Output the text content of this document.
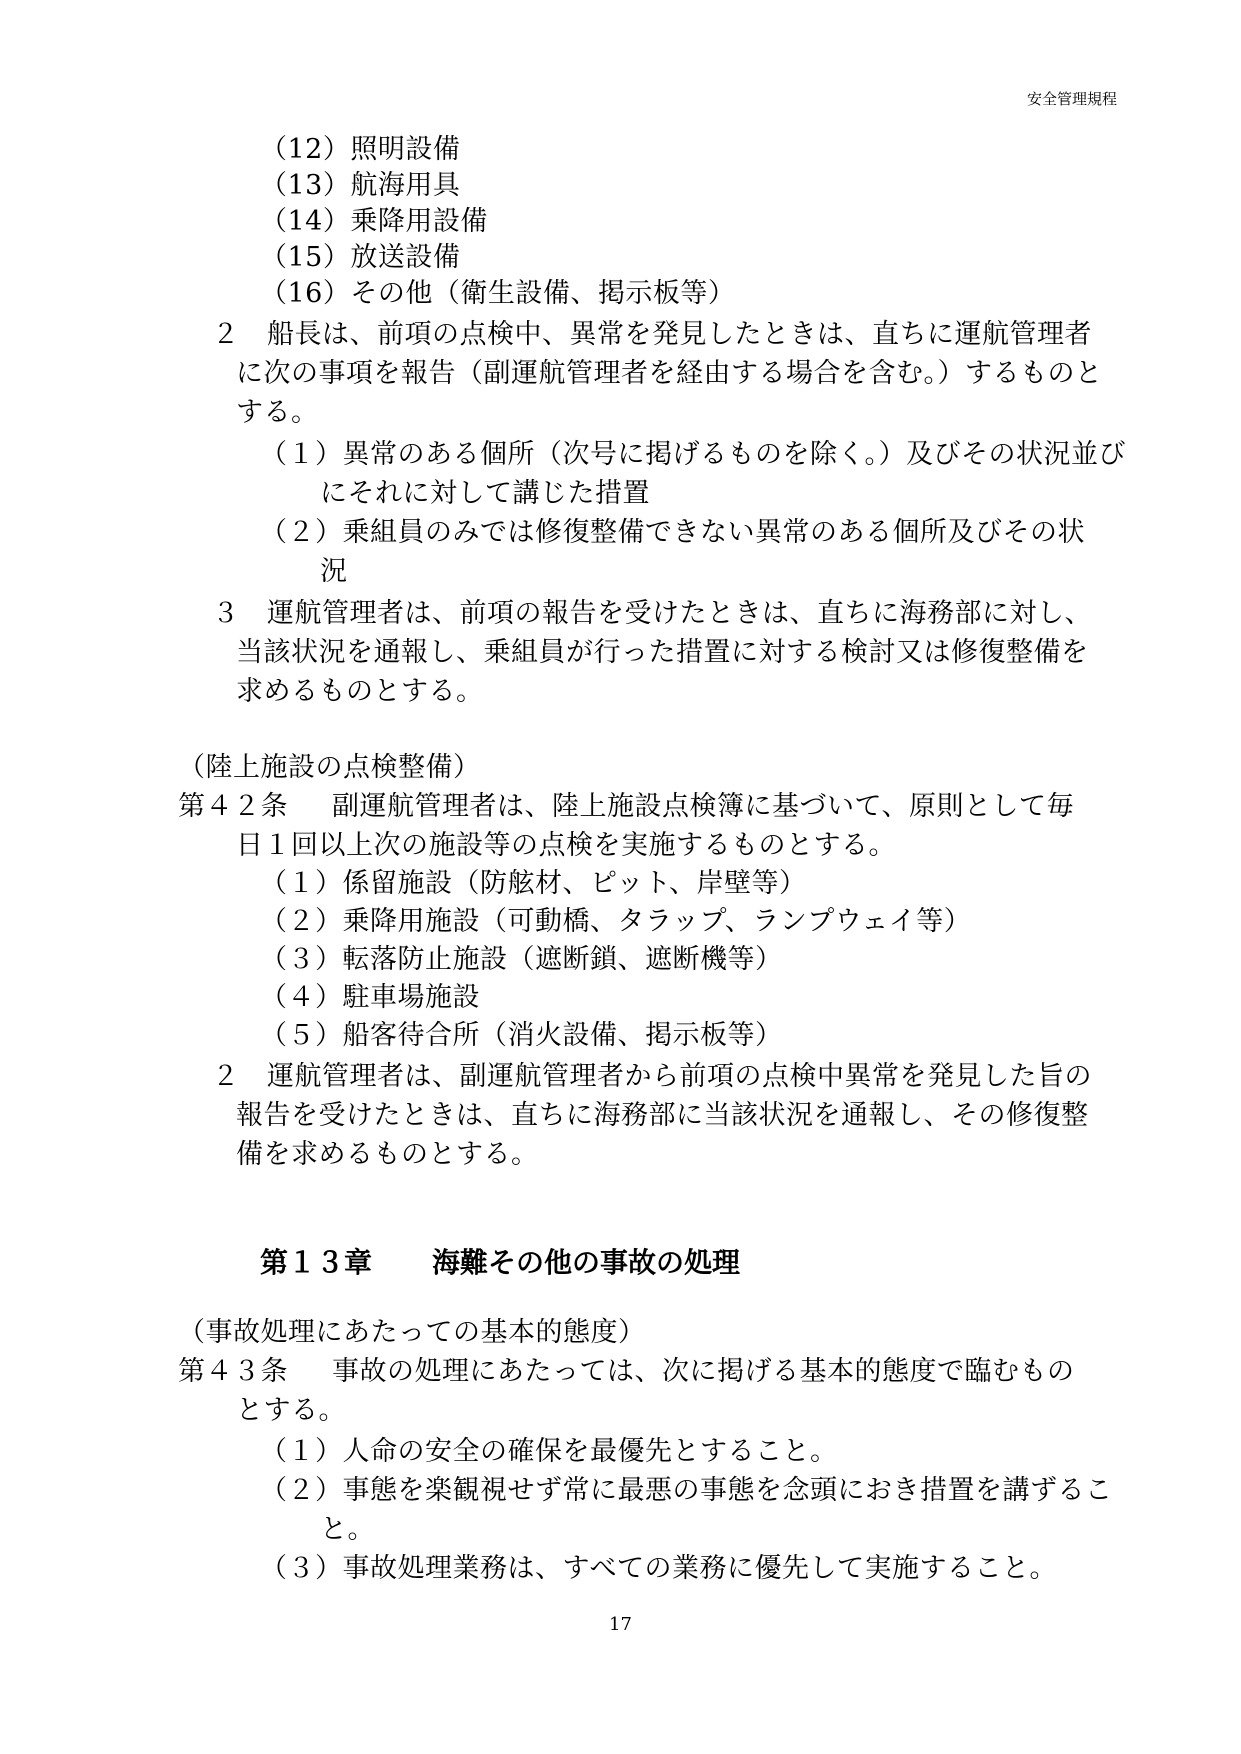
安全管理規程
（12）照明設備
（13）航海用具
（14）乗降用設備
（15）放送設備
（16）その他（衛生設備、掲示板等）
２　船長は、前項の点検中、異常を発見したときは、直ちに運航管理者
に次の事項を報告（副運航管理者を経由する場合を含む。）するものと
する。
（１）異常のある個所（次号に掲げるものを除く。）及びその状況並び
にそれに対して講じた措置
（２）乗組員のみでは修復整備できない異常のある個所及びその状
況
３　運航管理者は、前項の報告を受けたときは、直ちに海務部に対し、
当該状況を通報し、乗組員が行った措置に対する検討又は修復整備を
求めるものとする。
（陸上施設の点検整備）
第４２条 副運航管理者は、陸上施設点検簿に基づいて、原則として毎
日１回以上次の施設等の点検を実施するものとする。
（１）係留施設（防舷材、ピット、岸壁等）
（２）乗降用施設（可動橋、タラップ、ランプウェイ等）
（３）転落防止施設（遮断鎖、遮断機等）
（４）駐車場施設
（５）船客待合所（消火設備、掲示板等）
２　運航管理者は、副運航管理者から前項の点検中異常を発見した旨の
報告を受けたときは、直ちに海務部に当該状況を通報し、その修復整
備を求めるものとする。
第１３章 海難その他の事故の処理
（事故処理にあたっての基本的態度）
第４３条 事故の処理にあたっては、次に掲げる基本的態度で臨むもの
とする。
（１）人命の安全の確保を最優先とすること。
（２）事態を楽観視せず常に最悪の事態を念頭におき措置を講ずるこ
と。
（３）事故処理業務は、すべての業務に優先して実施すること。
17
